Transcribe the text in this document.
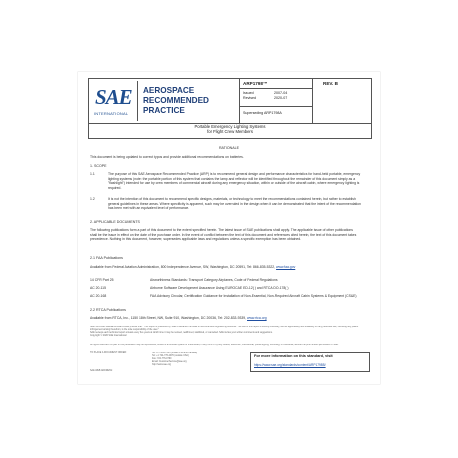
SAE
INTERNATIONAL
AEROSPACE RECOMMENDED PRACTICE
ARP1798™
Issued	2007-04
Revised	2020-07
Superseding ARP1798A
REV. B
Portable Emergency Lighting Systems
for Flight Crew Members
RATIONALE
This document is being updated to correct typos and provide additional recommendations on batteries.
1. SCOPE
1.1	The purpose of this SAE Aerospace Recommended Practice (ARP) is to recommend general design and performance characteristics for hand-held portable, emergency lighting systems (note: the portable portion of this system that contains the lamp and reflector will be identified throughout the remainder of this document simply as a "flashlight") intended for use by crew members of commercial aircraft during any emergency situation, within or outside of the aircraft cabin, where emergency lighting is required.
1.2	It is not the intention of this document to recommend specific designs, materials, or technology to meet the recommendations contained herein, but rather to establish general guidelines in these areas. Where specificity is apparent, such may be overruled in the design when it can be demonstrated that the intent of the recommendation has been met with an equivalent level of performance.
2. APPLICABLE DOCUMENTS
The following publications form a part of this document to the extent specified herein. The latest issue of SAE publications shall apply. The applicable issue of other publications shall be the issue in effect on the date of the purchase order. In the event of conflict between the text of this document and references cited herein, the text of this document takes precedence. Nothing in this document, however, supersedes applicable laws and regulations unless a specific exemption has been obtained.
2.1 FAA Publications
Available from Federal Aviation Administration, 800 Independence Avenue, SW, Washington, DC 20591, Tel: 866-835-5322, www.faa.gov
14 CFR Part 25	Airworthiness Standards: Transport Category Airplanes, Code of Federal Regulations
AC 20-115	Airborne Software Development Assurance Using EUROCAE ED-12( ) and RTCA DO-178( )
AC 20-168	FAA Advisory Circular, Certification Guidance for Installation of Non-Essential, Non-Required Aircraft Cabin Systems & Equipment (CS&E)
2.2 RTCA Publications
Available from RTCA, Inc., 1150 18th Street, NW, Suite 910, Washington, DC 20036, Tel: 202-833-9339, www.rtca.org
SAE Technical Standards Board Rules provide that: "This report is published by SAE to advance the state of technical and engineering sciences. The use of this report is entirely voluntary, and its applicability and suitability for any particular use, including any patent infringement arising therefrom, is the sole responsibility of the user."
SAE reviews each technical report at least every five years at which time it may be revised, reaffirmed, stabilized, or cancelled. SAE invites your written comments and suggestions.
Copyright © 2020 SAE International
All rights reserved. No part of this publication may be reproduced, stored in a retrieval system or transmitted, in any form or by any means, electronic, mechanical, photocopying, recording, or otherwise, without the prior written permission of SAE.
TO PLACE A DOCUMENT ORDER:	Tel: 877-606-7323 (inside USA and Canada)
Tel: +1 724-776-4970 (outside USA)
Fax: 724-776-0790
Email: CustomerService@sae.org
http://www.sae.org
SAE WEB ADDRESS:
For more information on this standard, visit
https://www.sae.org/standards/content/ARP1798B/
